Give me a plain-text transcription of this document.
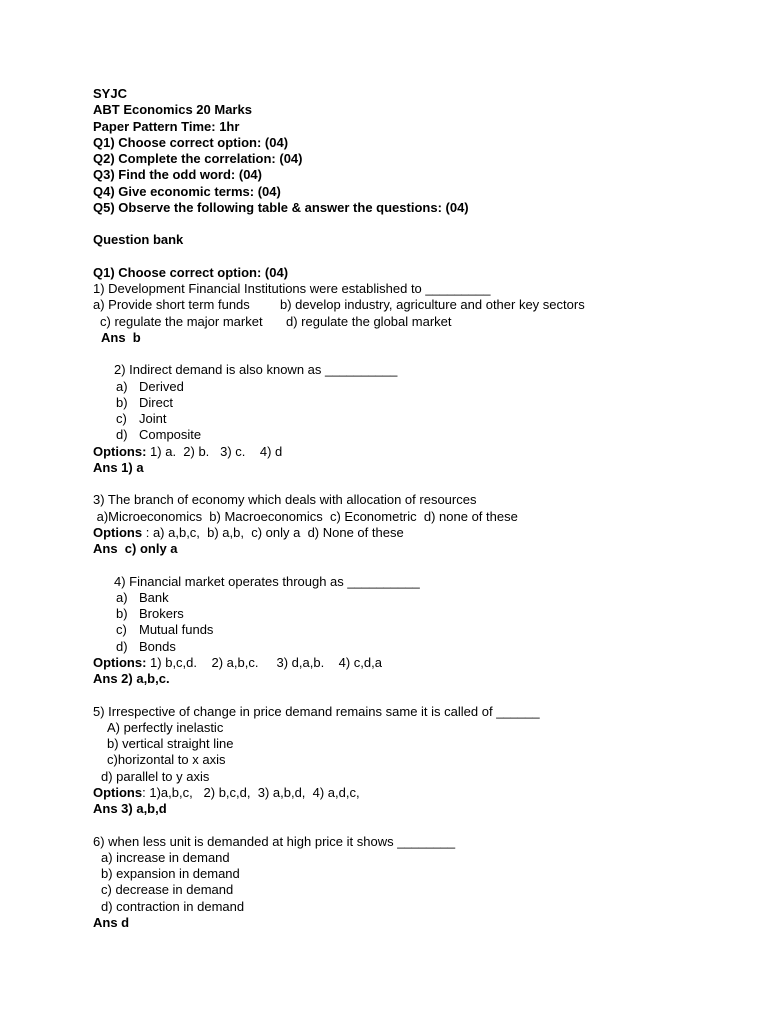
SYJC
ABT Economics 20 Marks
Paper Pattern Time: 1hr
Q1) Choose correct option: (04)
Q2) Complete the correlation: (04)
Q3) Find the odd word: (04)
Q4) Give economic terms: (04)
Q5) Observe the following table & answer the questions: (04)
Question bank
Q1) Choose correct option: (04)
1) Development Financial Institutions were established to _________
a) Provide short term funds	b) develop industry, agriculture and other key sectors
c) regulate the major market	d) regulate the global market
Ans  b
2) Indirect demand is also known as __________
a) Derived
b) Direct
c) Joint
d) Composite
Options: 1) a.  2) b.   3) c.    4) d
Ans 1) a
3) The branch of economy which deals with allocation of resources
a)Microeconomics  b) Macroeconomics  c) Econometric  d) none of these
Options : a) a,b,c,  b) a,b,  c) only a  d) None of these
Ans  c) only a
4) Financial market operates through as __________
a) Bank
b) Brokers
c) Mutual funds
d) Bonds
Options: 1) b,c,d.    2) a,b,c.     3) d,a,b.    4) c,d,a
Ans 2) a,b,c.
5) Irrespective of change in price demand remains same it is called of ______
A) perfectly inelastic
b) vertical straight line
c)horizontal to x axis
d) parallel to y axis
Options: 1)a,b,c,   2) b,c,d,  3) a,b,d,  4) a,d,c,
Ans 3) a,b,d
6) when less unit is demanded at high price it shows ________
a) increase in demand
b) expansion in demand
c) decrease in demand
d) contraction in demand
Ans d
